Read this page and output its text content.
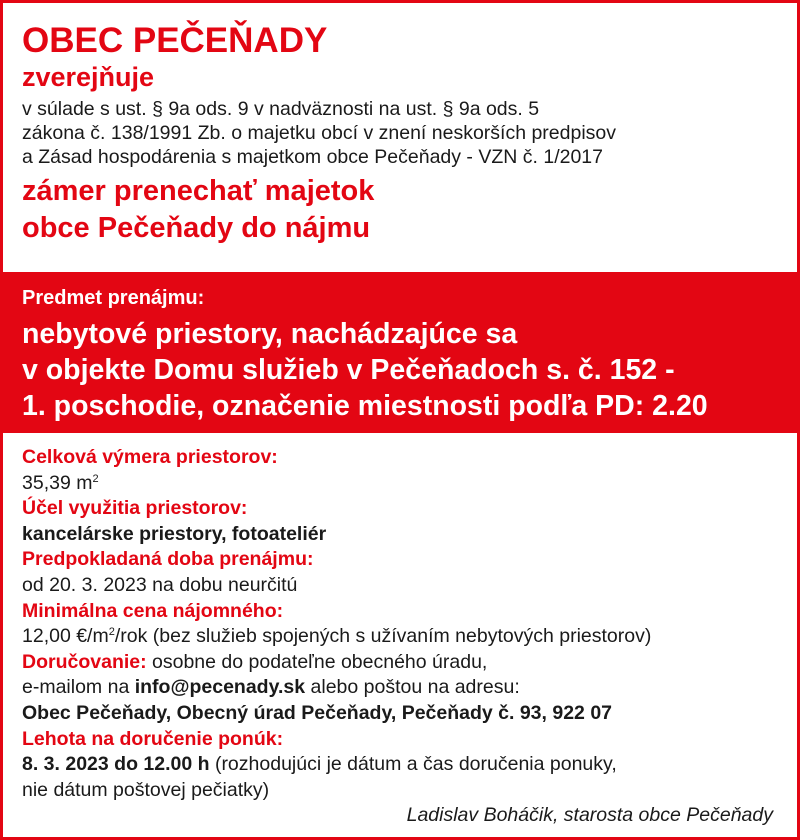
OBEC PEČEŇADY
zverejňuje
v súlade s ust. § 9a ods. 9 v nadväznosti na ust. § 9a ods. 5
zákona č. 138/1991 Zb. o majetku obcí v znení neskorších predpisov
a Zásad hospodárenia s majetkom obce Pečeňady - VZN č. 1/2017
zámer prenechať majetok
obce Pečeňady do nájmu
Predmet prenájmu:
nebytové priestory, nachádzajúce sa
v objekte Domu služieb v Pečeňadoch s. č. 152 -
1. poschodie, označenie miestnosti podľa PD: 2.20
Celková výmera priestorov:
35,39 $m^2$
Účel využitia priestorov:
kancelárske priestory, fotoateliér
Predpokladaná doba prenájmu:
od 20. 3. 2023 na dobu neurčitú
Minimálna cena nájomného:
12,00 $€/m^2$/rok (bez služieb spojených s užívaním nebytových priestorov)
Doručovanie: osobne do podateľne obecného úradu,
e-mailom na info@pecenady.sk alebo poštou na adresu:
Obec Pečeňady, Obecný úrad Pečeňady, Pečeňady č. 93, 922 07
Lehota na doručenie ponúk:
8. 3. 2023 do 12.00 h (rozhodujúci je dátum a čas doručenia ponuky,
nie dátum poštovej pečiatky)
Ladislav Boháčik, starosta obce Pečeňady
